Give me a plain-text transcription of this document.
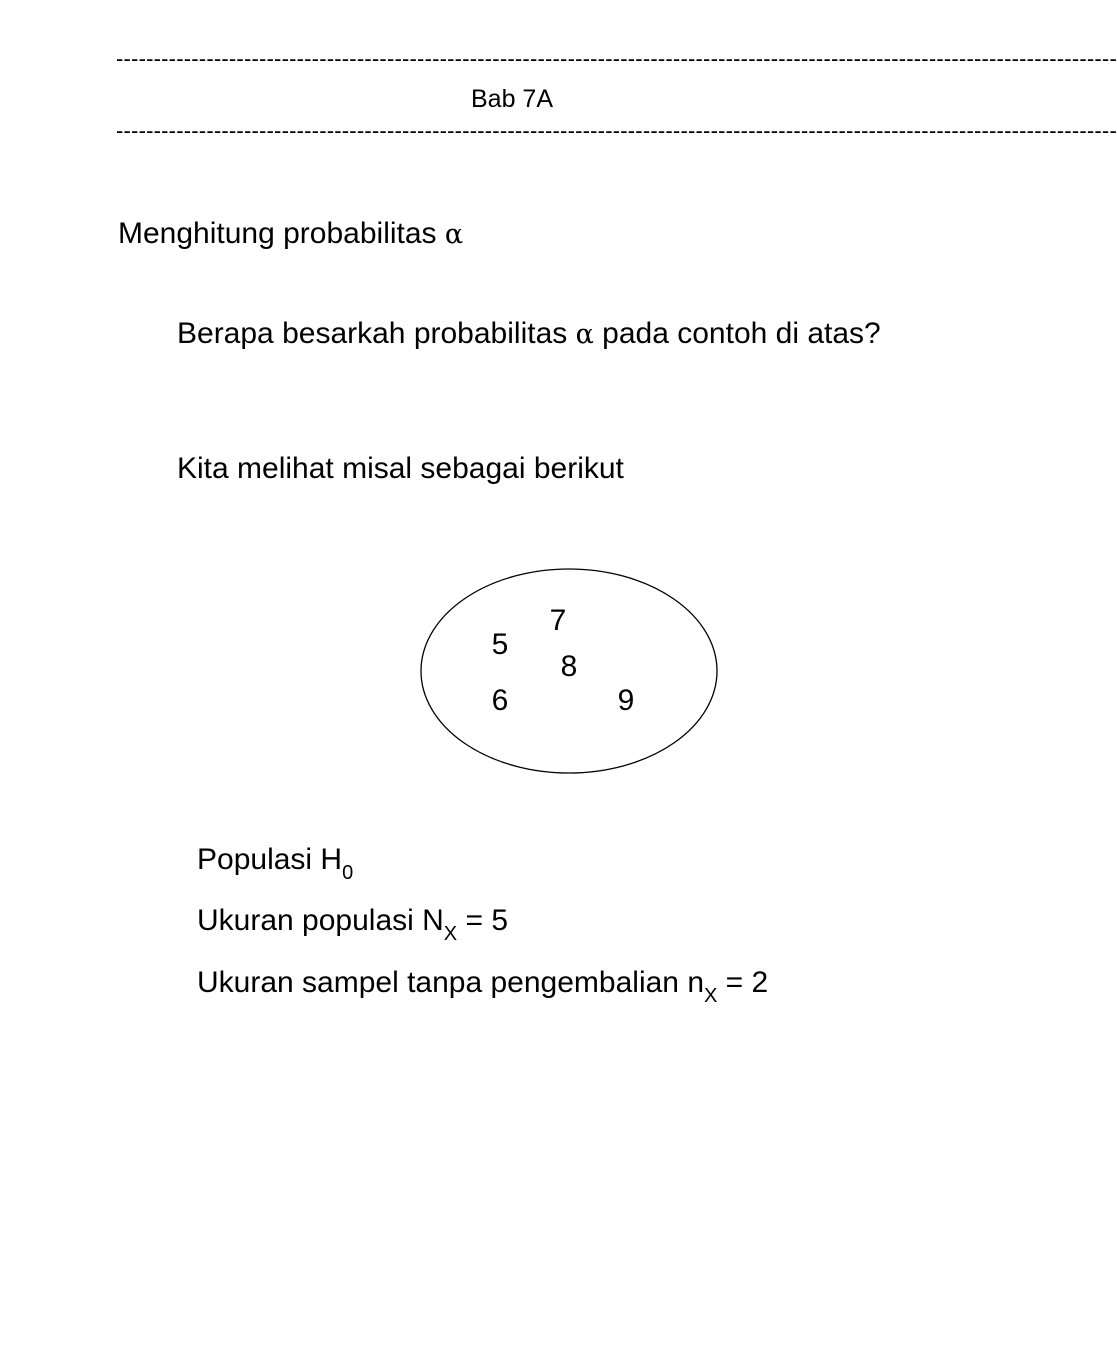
-------------------------------------------------------------------------------------------------------------------------------------
Bab 7A
-------------------------------------------------------------------------------------------------------------------------------------
Menghitung probabilitas α
Berapa besarkah probabilitas α pada contoh di atas?
Kita melihat misal sebagai berikut
5
7
8
6	9
Populasi $H_0$
Ukuran populasi $N_X = 5$
Ukuran sampel tanpa pengembalian $n_X = 2$
